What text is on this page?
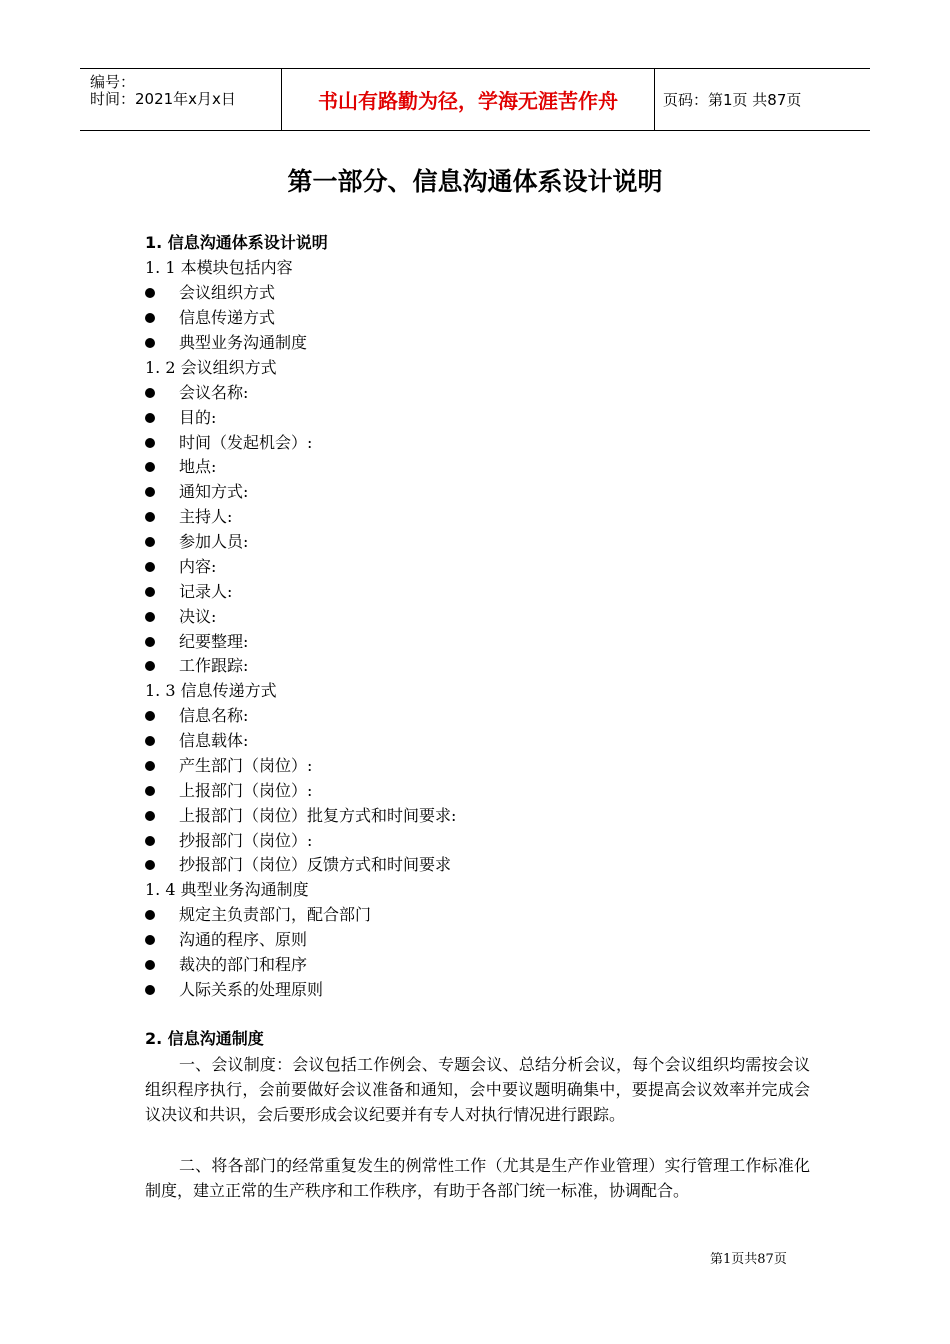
编号：
时间：2021年x月x日	书山有路勤为径，学海无涯苦作舟	页码：第1页 共87页
第一部分、信息沟通体系设计说明
1. 信息沟通体系设计说明
1. 1 本模块包括内容
会议组织方式
信息传递方式
典型业务沟通制度
1. 2 会议组织方式
会议名称:
目的:
时间（发起机会）:
地点:
通知方式:
主持人:
参加人员:
内容:
记录人:
决议:
纪要整理:
工作跟踪:
1. 3 信息传递方式
信息名称:
信息载体:
产生部门（岗位）:
上报部门（岗位）:
上报部门（岗位）批复方式和时间要求:
抄报部门（岗位）:
抄报部门（岗位）反馈方式和时间要求
1. 4 典型业务沟通制度
规定主负责部门，配合部门
沟通的程序、原则
裁决的部门和程序
人际关系的处理原则
2. 信息沟通制度
一、会议制度：会议包括工作例会、专题会议、总结分析会议，每个会议组织均需按会议组织程序执行，会前要做好会议准备和通知，会中要议题明确集中，要提高会议效率并完成会议决议和共识，会后要形成会议纪要并有专人对执行情况进行跟踪。
二、将各部门的经常重复发生的例常性工作（尤其是生产作业管理）实行管理工作标准化制度，建立正常的生产秩序和工作秩序，有助于各部门统一标准，协调配合。
第1页共87页
